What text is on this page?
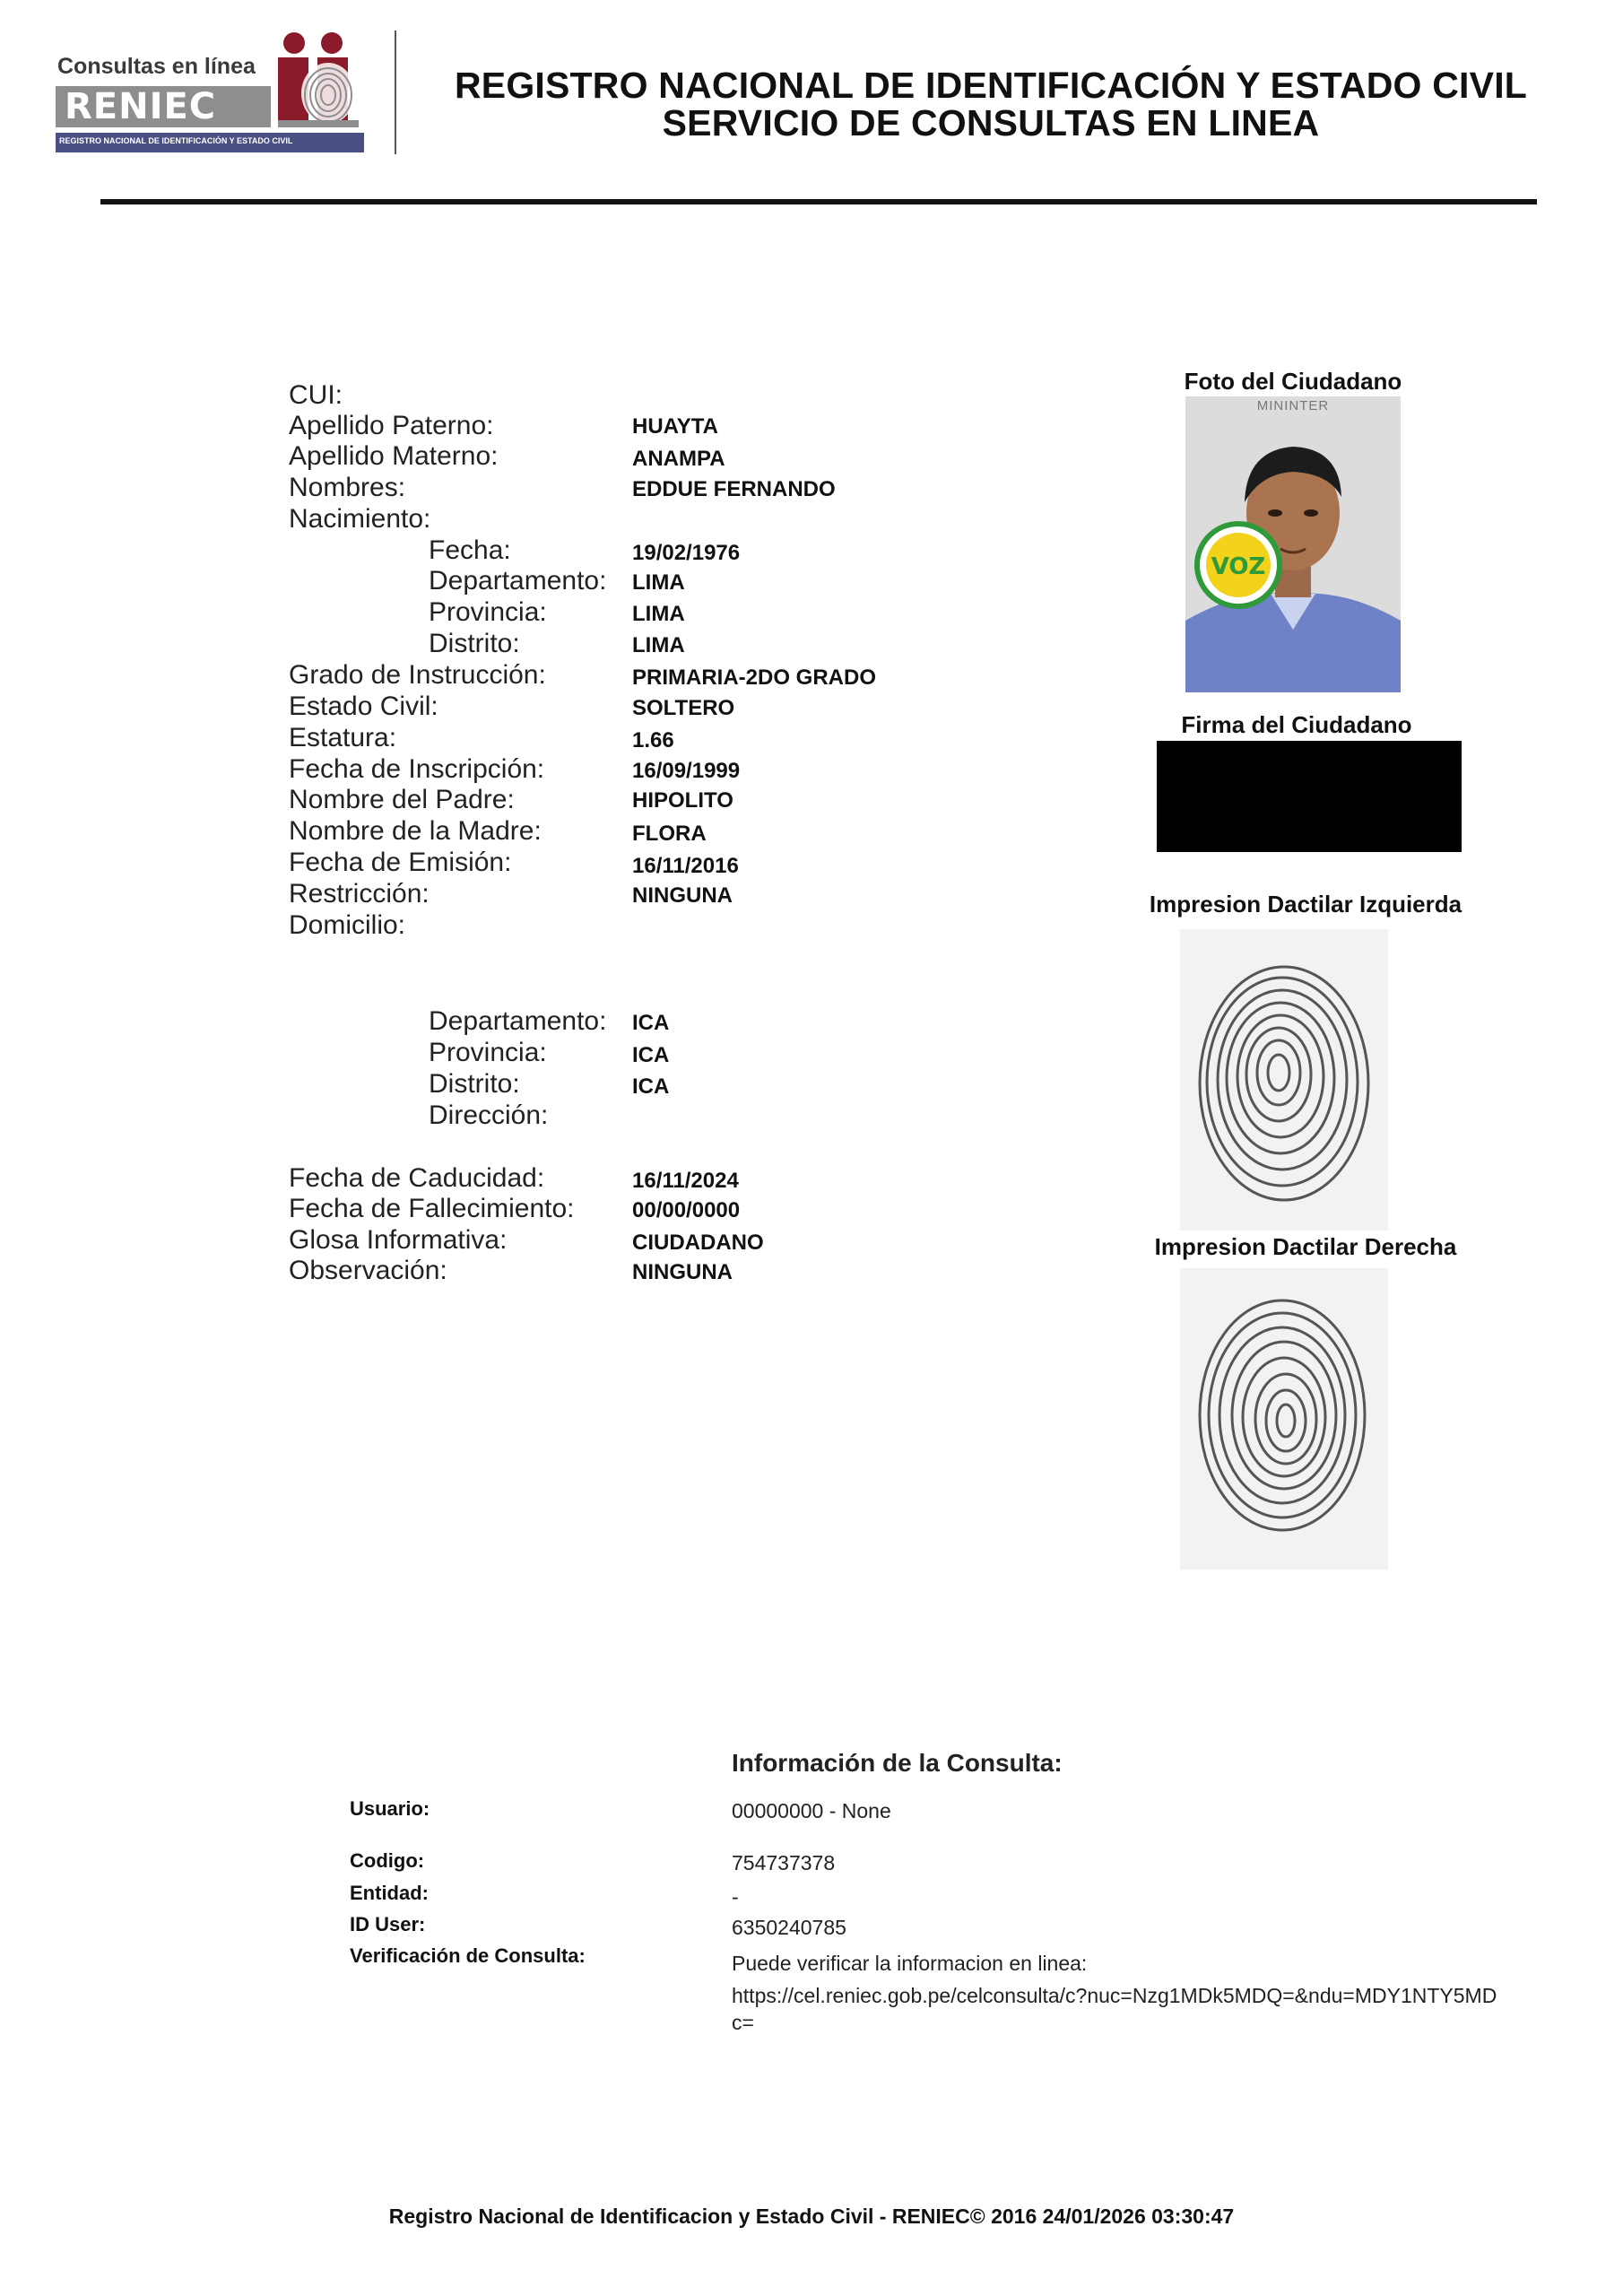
Consultas en línea
RENIEC
REGISTRO NACIONAL DE IDENTIFICACIÓN Y ESTADO CIVIL
REGISTRO NACIONAL DE IDENTIFICACIÓN Y ESTADO CIVIL
SERVICIO DE CONSULTAS EN LINEA
CUI:
Apellido Paterno:	HUAYTA
Apellido Materno:	ANAMPA
Nombres:	EDDUE FERNANDO
Nacimiento:
Fecha:	19/02/1976
Departamento: LIMA
Provincia:	LIMA
Distrito:	LIMA
Grado de Instrucción:	PRIMARIA-2DO GRADO
Estado Civil:	SOLTERO
Estatura:	1.66
Fecha de Inscripción:	16/09/1999
Nombre del Padre:	HIPOLITO
Nombre de la Madre:	FLORA
Fecha de Emisión:	16/11/2016
Restricción:	NINGUNA
Domicilio:
Departamento: ICA
Provincia:	ICA
Distrito:	ICA
Dirección:
Fecha de Caducidad:	16/11/2024
Fecha de Fallecimiento:	00/00/0000
Glosa Informativa:	CIUDADANO
Observación:	NINGUNA
Foto del Ciudadano
MININTER
VOZ
Firma del Ciudadano
Impresion Dactilar Izquierda
Impresion Dactilar Derecha
Información de la Consulta:
Usuario:	00000000 - None
Codigo:	754737378
Entidad:	-
ID User:	6350240785
Verificación de Consulta:	Puede verificar la informacion en linea:
https://cel.reniec.gob.pe/celconsulta/c?nuc=Nzg1MDk5MDQ=&ndu=MDY1NTY5MD
c=
Registro Nacional de Identificacion y Estado Civil - RENIEC© 2016 24/01/2026 03:30:47
